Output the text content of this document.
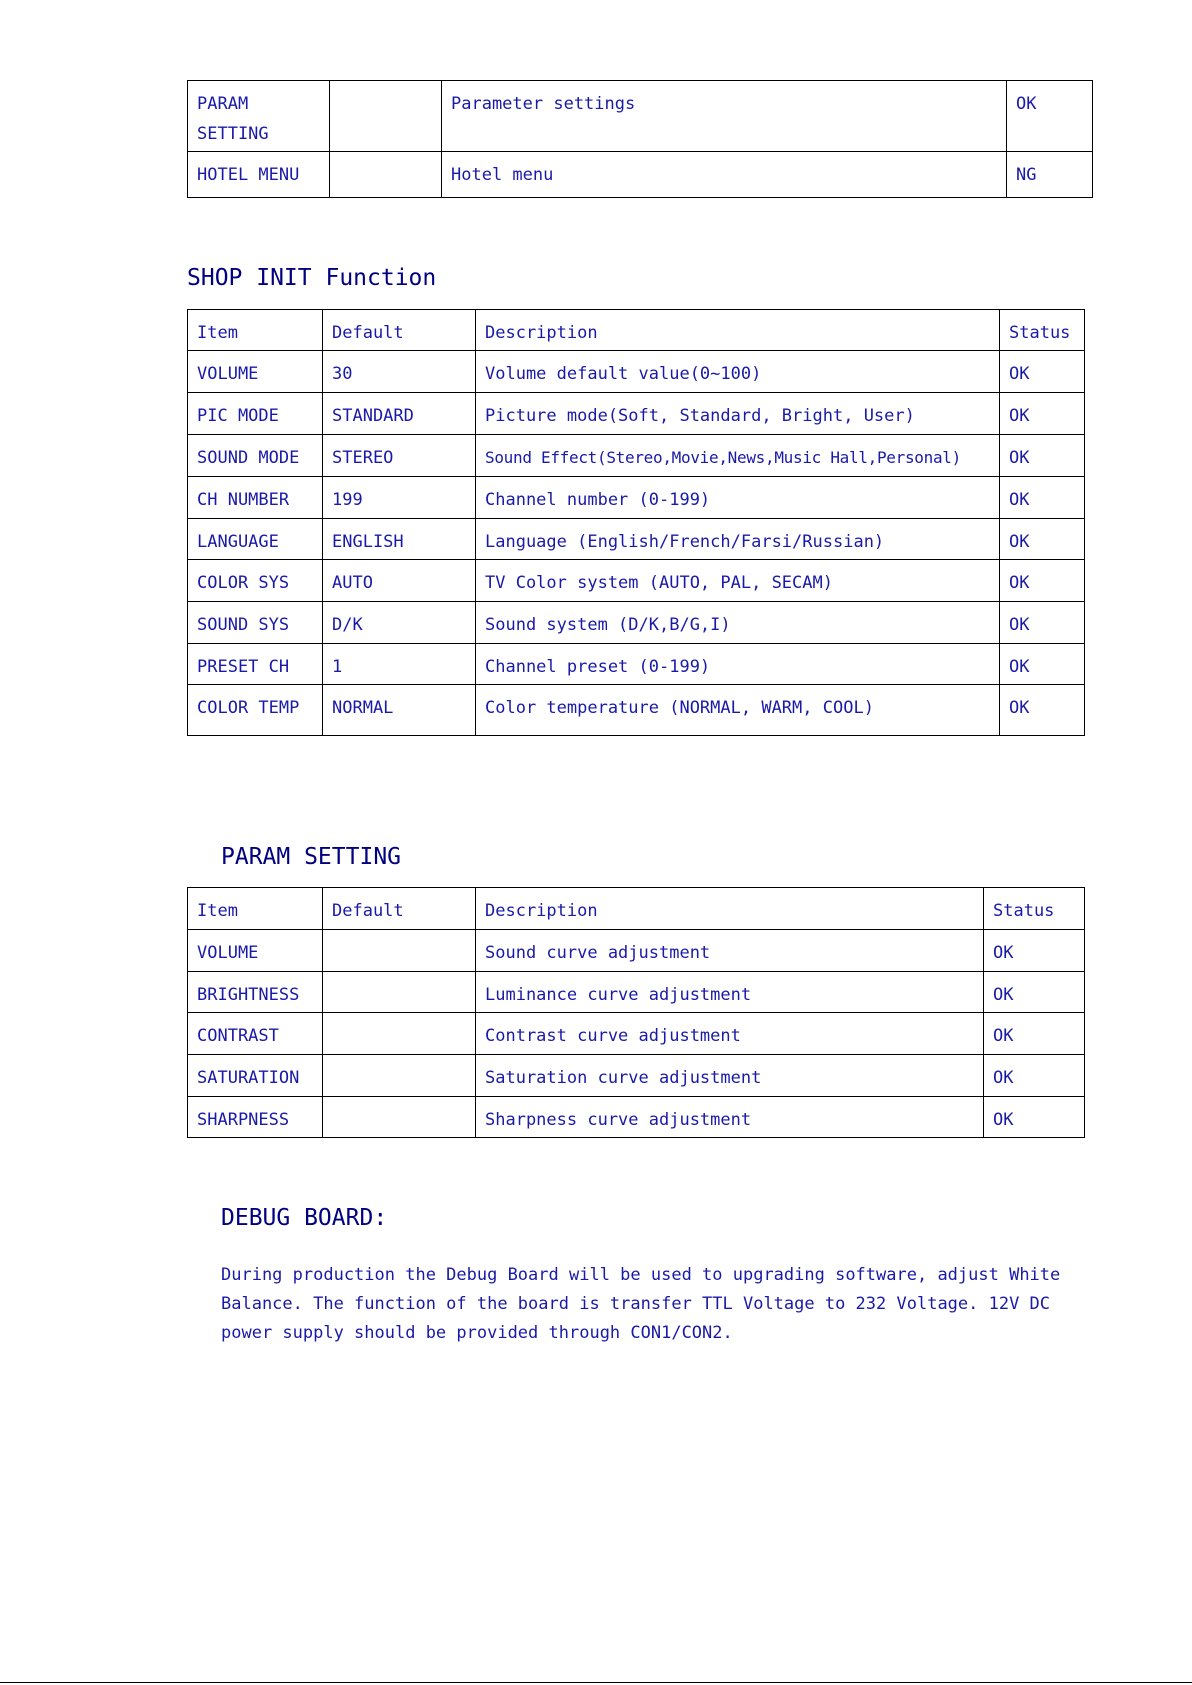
PARAM
SETTING		Parameter settings	OK
HOTEL MENU		Hotel menu	NG
SHOP INIT Function
Item	Default	Description	Status
VOLUME	30	Volume default value(0~100)	OK
PIC MODE	STANDARD	Picture mode(Soft, Standard, Bright, User)	OK
SOUND MODE	STEREO	Sound Effect(Stereo,Movie,News,Music Hall,Personal)	OK
CH NUMBER	199	Channel number (0-199)	OK
LANGUAGE	ENGLISH	Language (English/French/Farsi/Russian)	OK
COLOR SYS	AUTO	TV Color system (AUTO, PAL, SECAM)	OK
SOUND SYS	D/K	Sound system (D/K,B/G,I)	OK
PRESET CH	1	Channel preset (0-199)	OK
COLOR TEMP	NORMAL	Color temperature (NORMAL, WARM, COOL)	OK
PARAM SETTING
Item	Default	Description	Status
VOLUME		Sound curve adjustment	OK
BRIGHTNESS		Luminance curve adjustment	OK
CONTRAST		Contrast curve adjustment	OK
SATURATION		Saturation curve adjustment	OK
SHARPNESS		Sharpness curve adjustment	OK
DEBUG BOARD:
During production the Debug Board will be used to upgrading software, adjust White
Balance. The function of the board is transfer TTL Voltage to 232 Voltage. 12V DC
power supply should be provided through CON1/CON2.
